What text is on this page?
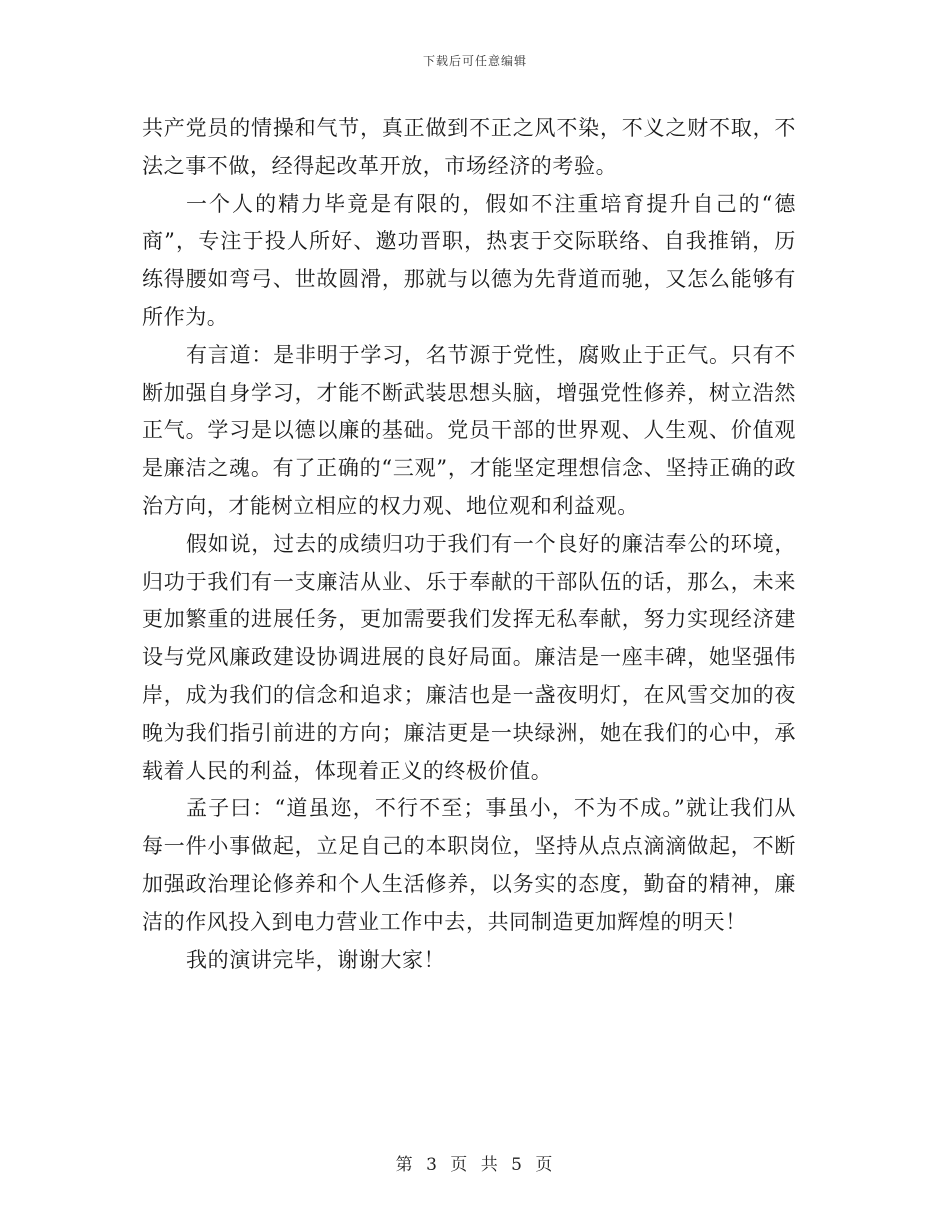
下载后可任意编辑

共产党员的情操和气节，真正做到不正之风不染，不义之财不取，不法之事不做，经得起改革开放，市场经济的考验。

一个人的精力毕竟是有限的，假如不注重培育提升自己的“德商”，专注于投人所好、邀功晋职，热衷于交际联络、自我推销，历练得腰如弯弓、世故圆滑，那就与以德为先背道而驰，又怎么能够有所作为。

有言道：是非明于学习，名节源于党性，腐败止于正气。只有不断加强自身学习，才能不断武装思想头脑，增强党性修养，树立浩然正气。学习是以德以廉的基础。党员干部的世界观、人生观、价值观是廉洁之魂。有了正确的“三观”，才能坚定理想信念、坚持正确的政治方向，才能树立相应的权力观、地位观和利益观。

假如说，过去的成绩归功于我们有一个良好的廉洁奉公的环境，归功于我们有一支廉洁从业、乐于奉献的干部队伍的话，那么，未来更加繁重的进展任务，更加需要我们发挥无私奉献，努力实现经济建设与党风廉政建设协调进展的良好局面。廉洁是一座丰碑，她坚强伟岸，成为我们的信念和追求；廉洁也是一盏夜明灯，在风雪交加的夜晚为我们指引前进的方向；廉洁更是一块绿洲，她在我们的心中，承载着人民的利益，体现着正义的终极价值。

孟子曰：“道虽迩，不行不至；事虽小，不为不成。”就让我们从每一件小事做起，立足自己的本职岗位，坚持从点点滴滴做起，不断加强政治理论修养和个人生活修养，以务实的态度，勤奋的精神，廉洁的作风投入到电力营业工作中去，共同制造更加辉煌的明天！

我的演讲完毕，谢谢大家！

第 3 页 共 5 页
